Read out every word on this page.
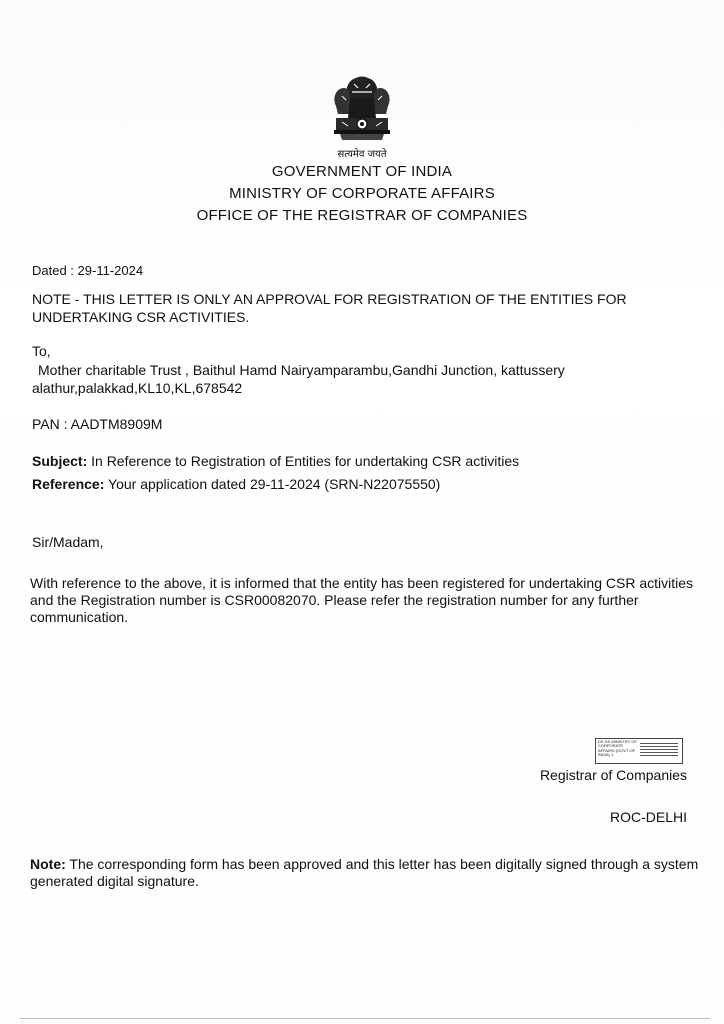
सत्यमेव जयते
GOVERNMENT OF INDIA
MINISTRY OF CORPORATE AFFAIRS
OFFICE OF THE REGISTRAR OF COMPANIES
Dated : 29-11-2024
NOTE - THIS LETTER IS ONLY AN APPROVAL FOR REGISTRATION OF THE ENTITIES FOR UNDERTAKING CSR ACTIVITIES.
To,
Mother charitable Trust , Baithul Hamd Nairyamparambu,Gandhi Junction, kattussery alathur,palakkad,KL10,KL,678542
PAN : AADTM8909M
Subject: In Reference to Registration of Entities for undertaking CSR activities
Reference: Your application dated 29-11-2024 (SRN-N22075550)
Sir/Madam,
With reference to the above, it is informed that the entity has been registered for undertaking CSR activities and the Registration number is CSR00082070. Please refer the registration number for any further communication.
DS DS MINISTRY OF CORPORATE AFFAIRS (GOVT OF INDIA) 1
Registrar of Companies
ROC-DELHI
Note: The corresponding form has been approved and this letter has been digitally signed through a system generated digital signature.
